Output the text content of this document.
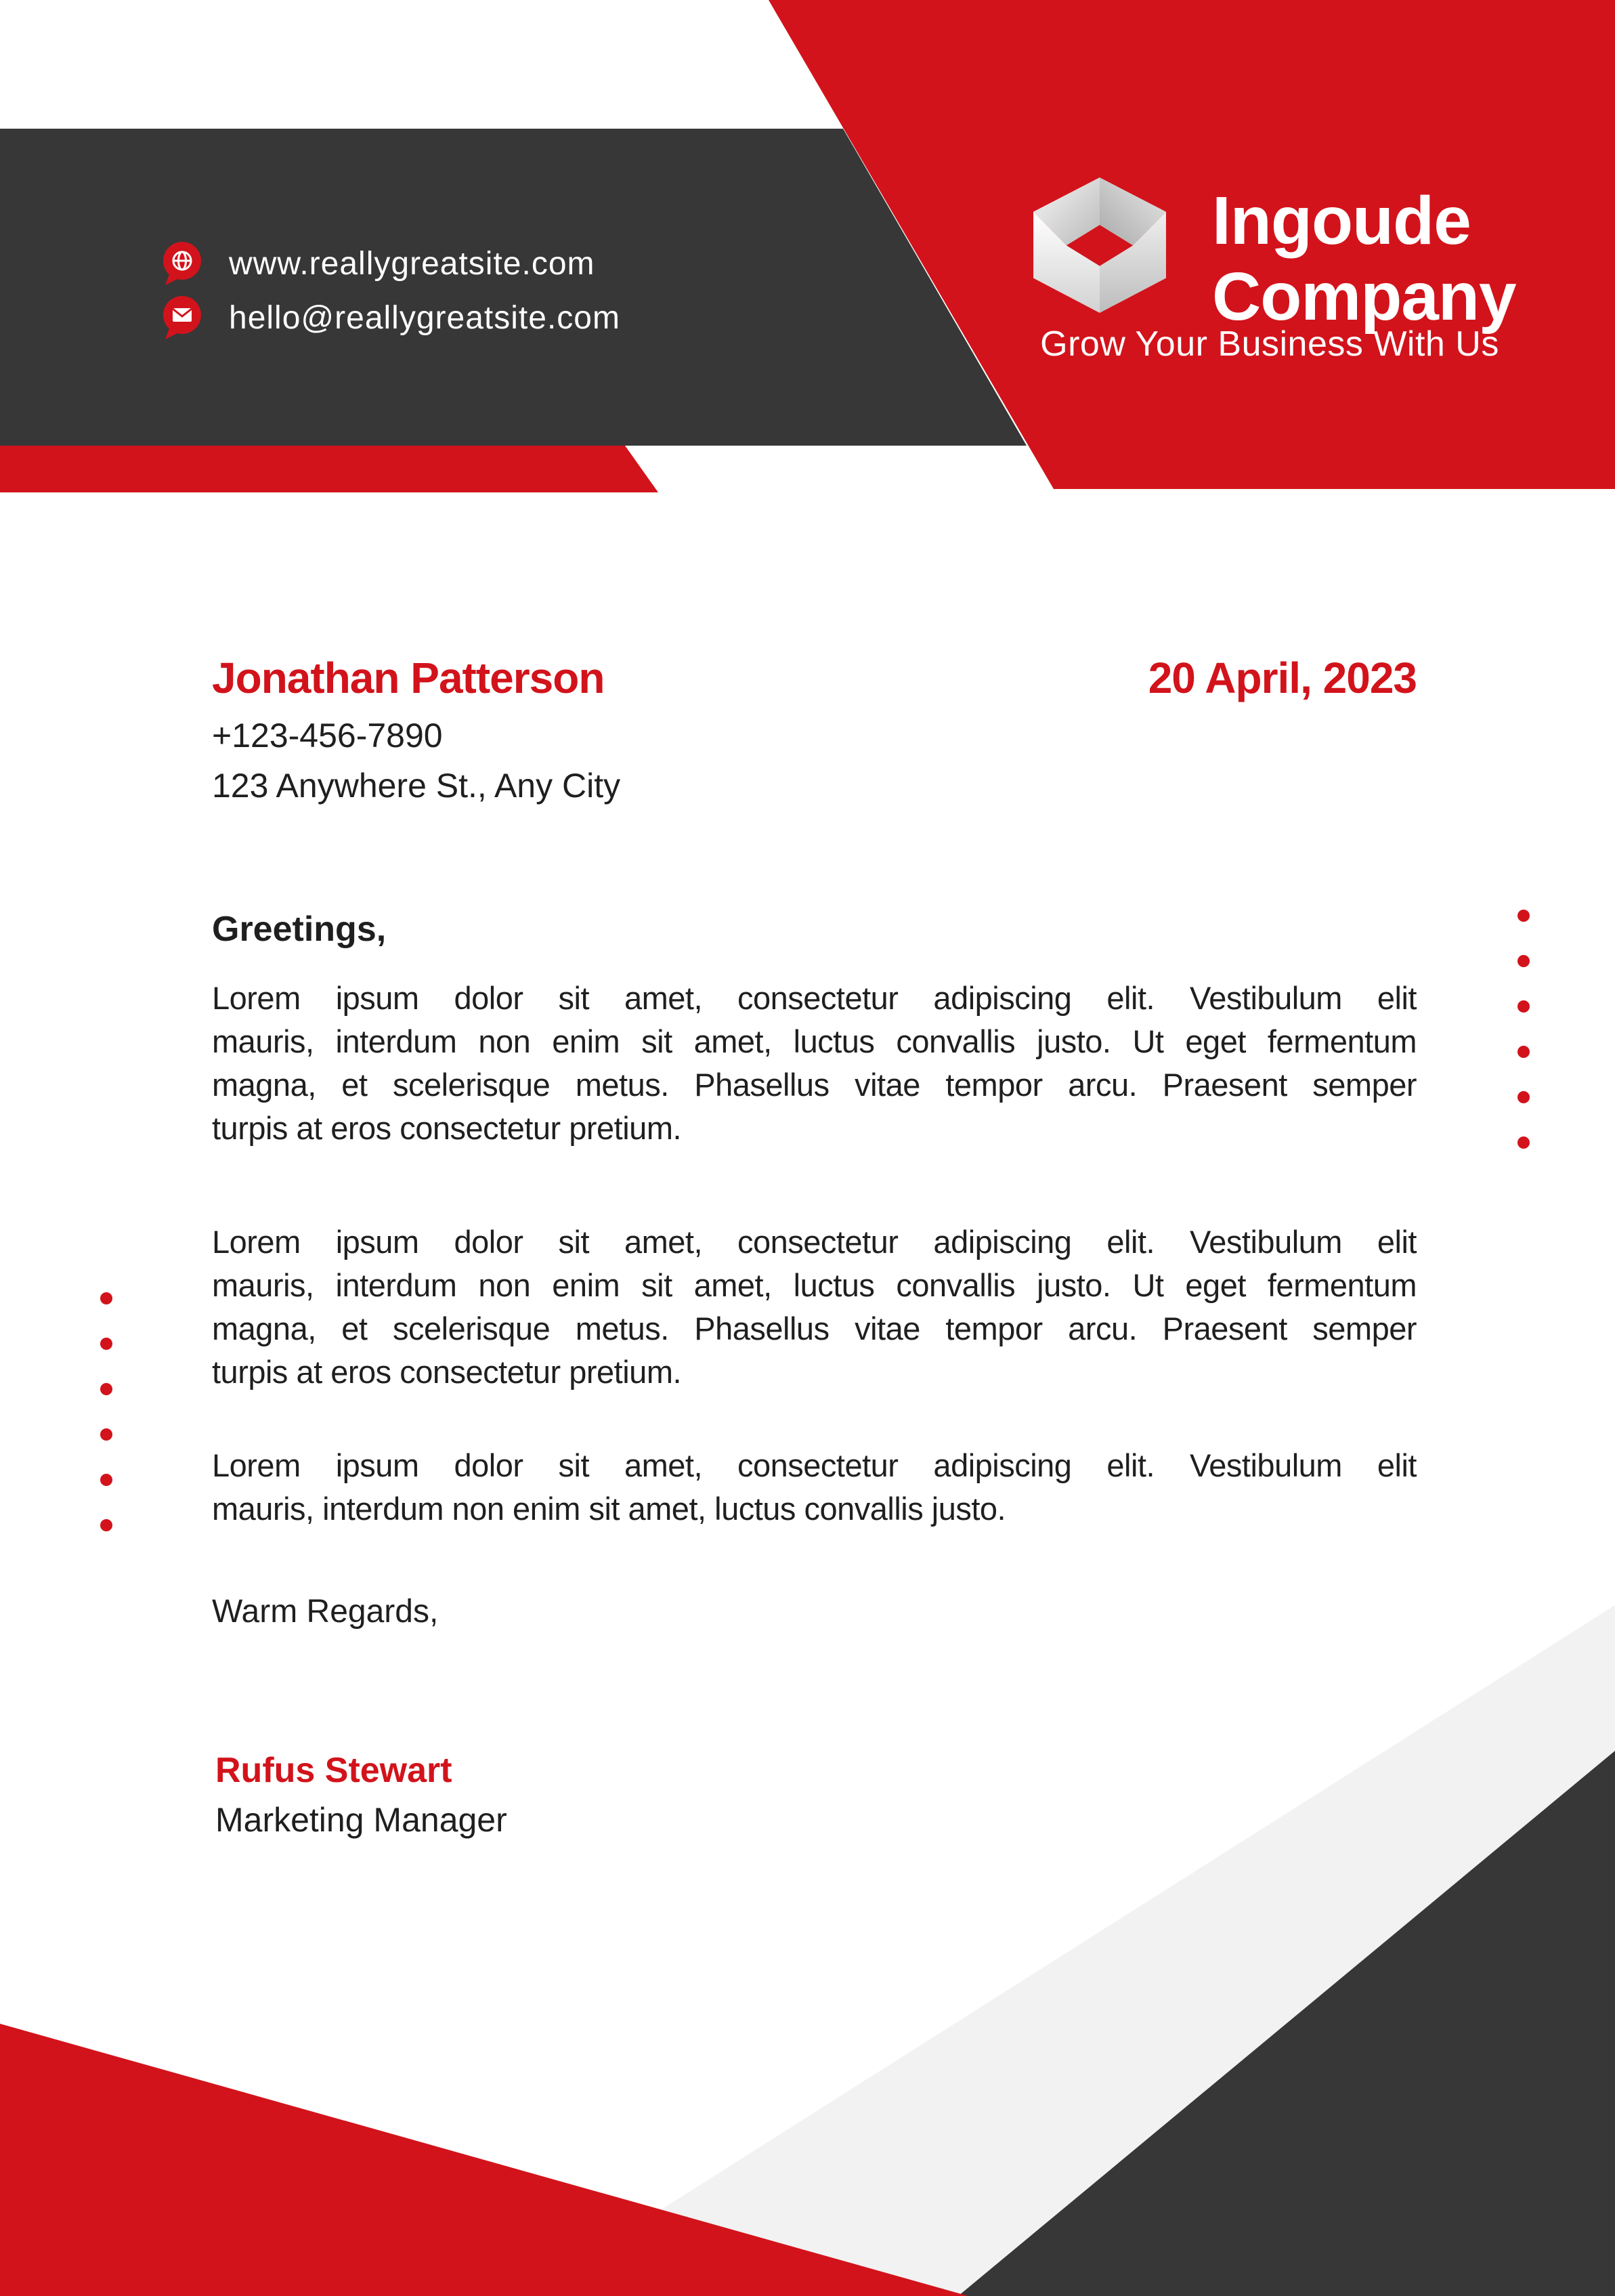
www.reallygreatsite.com
hello@reallygreatsite.com
Ingoude
Company
Grow Your Business With Us
Jonathan Patterson	20 April, 2023
+123-456-7890
123 Anywhere St., Any City
Greetings,
Lorem ipsum dolor sit amet, consectetur adipiscing elit. Vestibulum elit
mauris, interdum non enim sit amet, luctus convallis justo. Ut eget fermentum
magna, et scelerisque metus. Phasellus vitae tempor arcu. Praesent semper
turpis at eros consectetur pretium.
Lorem ipsum dolor sit amet, consectetur adipiscing elit. Vestibulum elit
mauris, interdum non enim sit amet, luctus convallis justo. Ut eget fermentum
magna, et scelerisque metus. Phasellus vitae tempor arcu. Praesent semper
turpis at eros consectetur pretium.
Lorem ipsum dolor sit amet, consectetur adipiscing elit. Vestibulum elit
mauris, interdum non enim sit amet, luctus convallis justo.
Warm Regards,
Rufus Stewart
Marketing Manager
